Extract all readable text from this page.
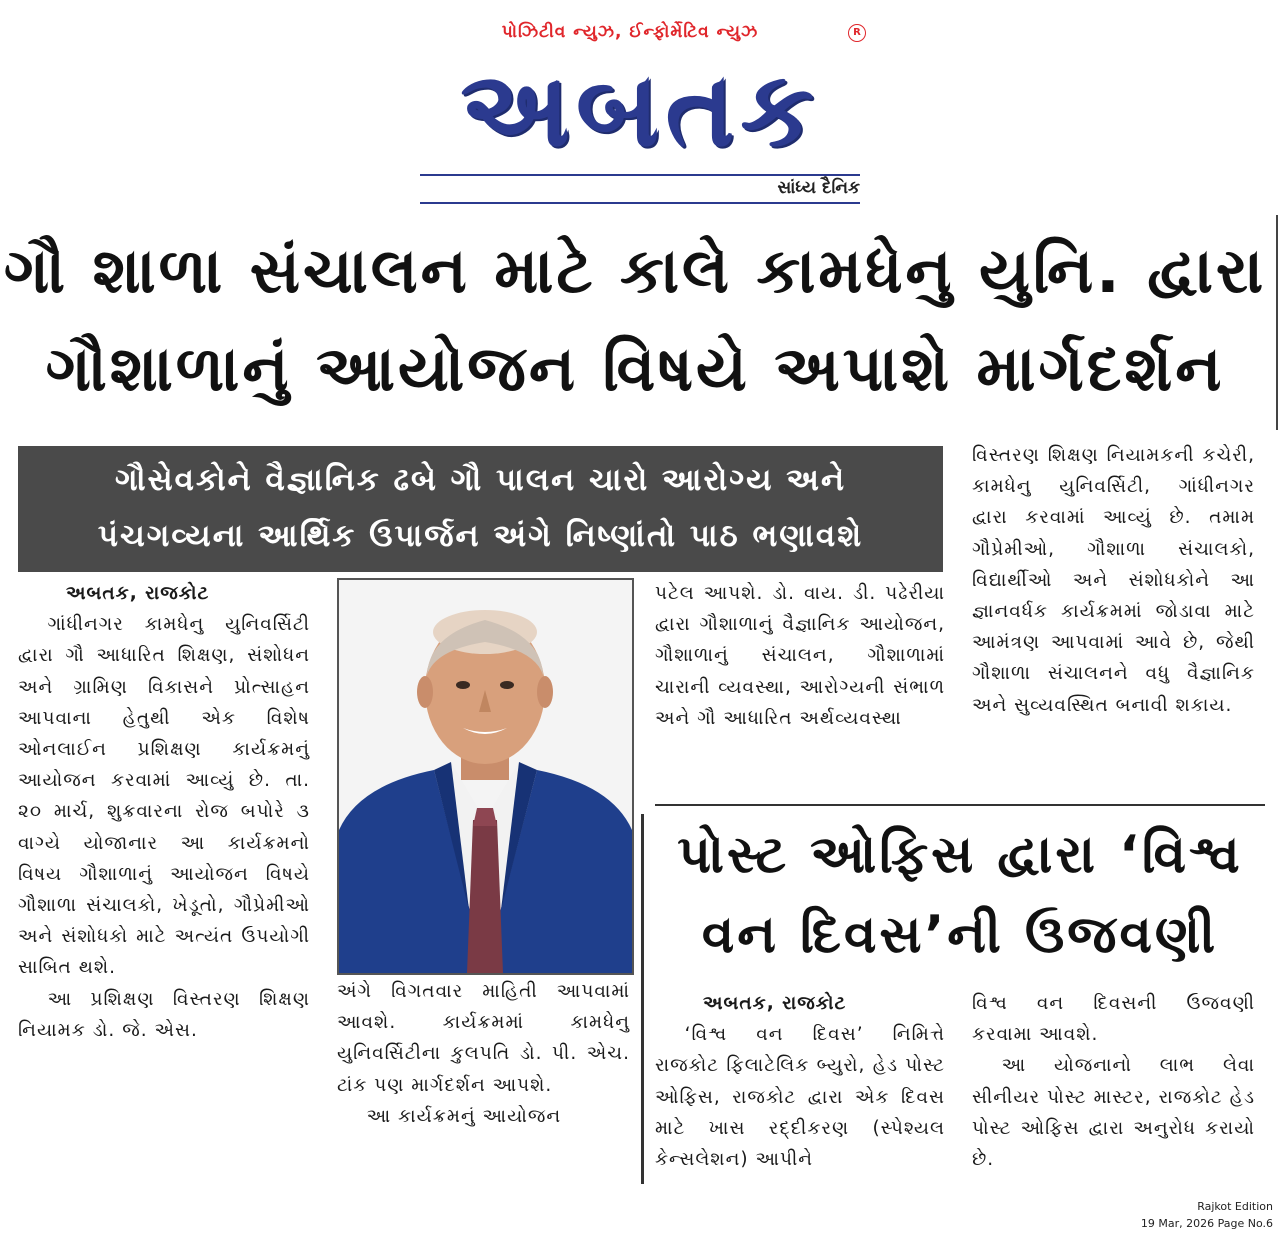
પોઝિટીવ ન્યુઝ, ઈન્ફોર્મેટિવ ન્યુઝ	R
અબતક
સાંધ્ય દૈનિક
ગૌ શાળા સંચાલન માટે કાલે કામધેનુ યુનિ. દ્વારા
ગૌશાળાનું આયોજન વિષયે અપાશે માર્ગદર્શન
ગૌસેવકોને વૈજ્ઞાનિક ઢબે ગૌ પાલન ચારો આરોગ્ય અને
પંચગવ્યના આર્થિક ઉપાર્જન અંગે નિષ્ણાંતો પાઠ ભણાવશે

અબતક, રાજકોટ

ગાંધીનગર કામધેનુ યુનિવર્સિટી દ્વારા ગૌ આધારિત શિક્ષણ, સંશોધન અને ગ્રામિણ વિકાસને પ્રોત્સાહન આપવાના હેતુથી એક વિશેષ ઓનલાઈન પ્રશિક્ષણ કાર્યક્રમનું આયોજન કરવામાં આવ્યું છે. તા. ૨૦ માર્ચ, શુક્રવારના રોજ બપોરે ૩ વાગ્યે યોજાનાર આ કાર્યક્રમનો વિષય ગૌશાળાનું આયોજન વિષયે ગૌશાળા સંચાલકો, ખેડૂતો, ગૌપ્રેમીઓ અને સંશોધકો માટે અત્યંત ઉપયોગી સાબિત થશે.

આ પ્રશિક્ષણ વિસ્તરણ શિક્ષણ નિયામક ડો. જે. એસ.

અંગે વિગતવાર માહિતી આપવામાં આવશે. કાર્યક્રમમાં કામધેનુ યુનિવર્સિટીના કુલપતિ ડો. પી. એચ. ટાંક પણ માર્ગદર્શન આપશે.

આ કાર્યક્રમનું આયોજન

પટેલ આપશે. ડો. વાય. ડી. પઢેરીયા દ્વારા ગૌશાળાનું વૈજ્ઞાનિક આયોજન, ગૌશાળાનું સંચાલન, ગૌશાળામાં ચારાની વ્યવસ્થા, આરોગ્યની સંભાળ અને ગૌ આધારિત અર્થવ્યવસ્થા

વિસ્તરણ શિક્ષણ નિયામકની કચેરી, કામધેનુ યુનિવર્સિટી, ગાંધીનગર દ્વારા કરવામાં આવ્યું છે. તમામ ગૌપ્રેમીઓ, ગૌશાળા સંચાલકો, વિદ્યાર્થીઓ અને સંશોધકોને આ જ્ઞાનવર્ધક કાર્યક્રમમાં જોડાવા માટે આમંત્રણ આપવામાં આવે છે, જેથી ગૌશાળા સંચાલનને વધુ વૈજ્ઞાનિક અને સુવ્યવસ્થિત બનાવી શકાય.

પોસ્ટ ઓફિસ દ્વારા ‘વિશ્વ
વન દિવસ’ની ઉજવણી

અબતક, રાજકોટ

‘વિશ્વ વન દિવસ’ નિમિત્તે રાજકોટ ફિલાટેલિક બ્યુરો, હેડ પોસ્ટ ઓફિસ, રાજકોટ દ્વારા એક દિવસ માટે ખાસ રદ્દીકરણ (સ્પેશ્યલ કેન્સલેશન) આપીને

વિશ્વ વન દિવસની ઉજવણી કરવામા આવશે.

આ યોજનાનો લાભ લેવા સીનીયર પોસ્ટ માસ્ટર, રાજકોટ હેડ પોસ્ટ ઓફિસ દ્વારા અનુરોધ કરાયો છે.

Rajkot Edition
19 Mar, 2026 Page No.6
